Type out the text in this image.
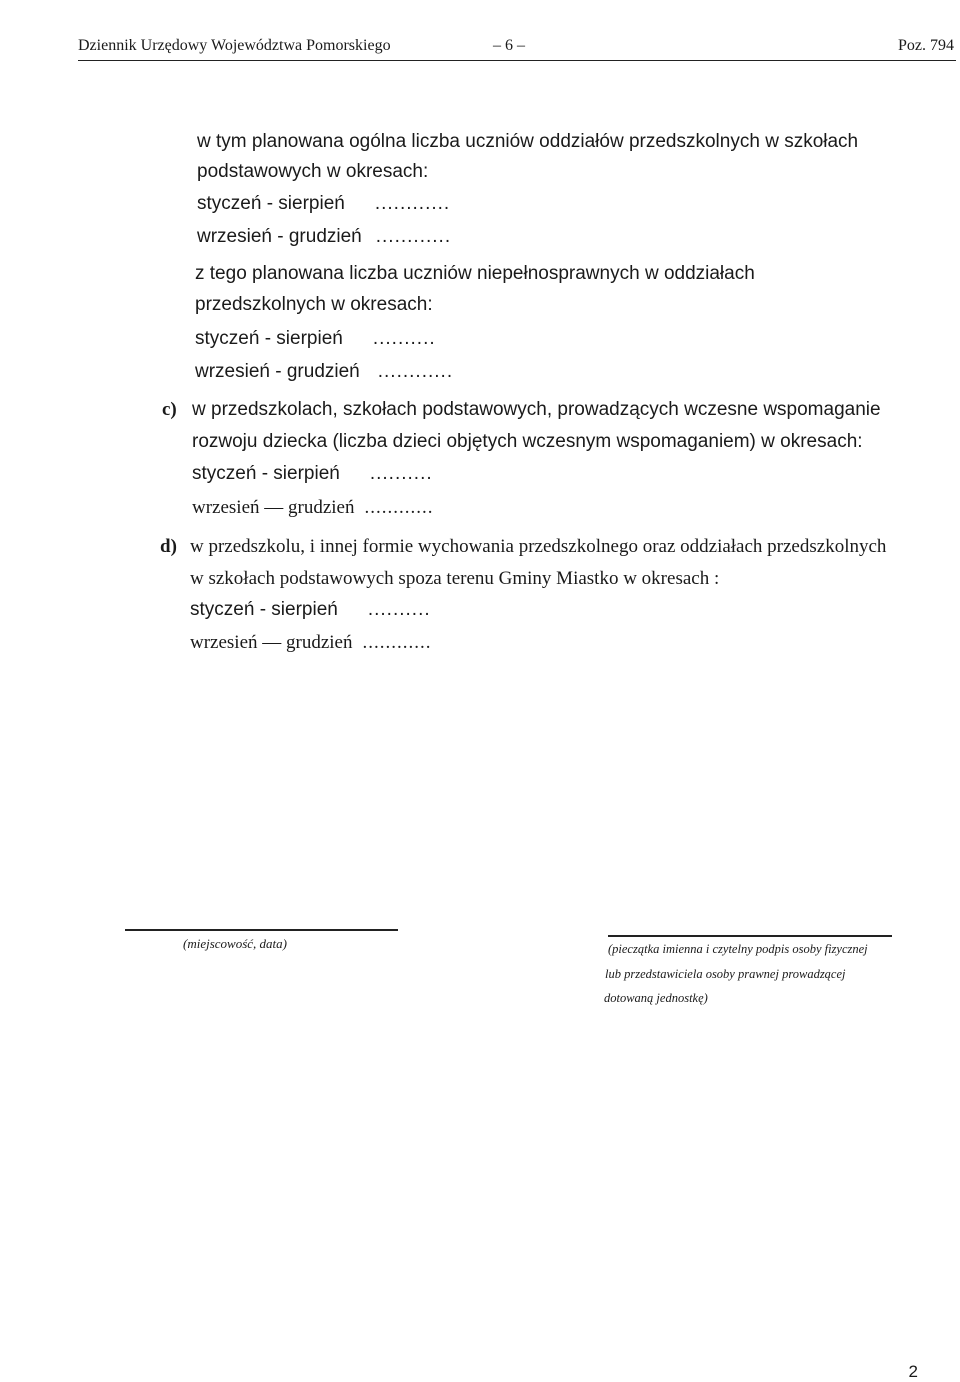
Dziennik Urzędowy Województwa Pomorskiego	– 6 –	Poz. 794
w tym planowana ogólna liczba uczniów oddziałów przedszkolnych w szkołach
podstawowych w okresach:
styczeń - sierpień ............
wrzesień - grudzień ............
z tego planowana liczba uczniów niepełnosprawnych w oddziałach
przedszkolnych w okresach:
styczeń - sierpień ..........
wrzesień - grudzień ............
c) w przedszkolach, szkołach podstawowych, prowadzących wczesne wspomaganie
rozwoju dziecka (liczba dzieci objętych wczesnym wspomaganiem) w okresach:
styczeń - sierpień ..........
wrzesień — grudzień ............
d) w przedszkolu, i innej formie wychowania przedszkolnego oraz oddziałach przedszkolnych
w szkołach podstawowych spoza terenu Gminy Miastko w okresach :
styczeń - sierpień ..........
wrzesień — grudzień ............
(miejscowość, data)	(pieczątka imienna i czytelny podpis osoby fizycznej
lub przedstawiciela osoby prawnej prowadzącej
dotowaną jednostkę)
2
